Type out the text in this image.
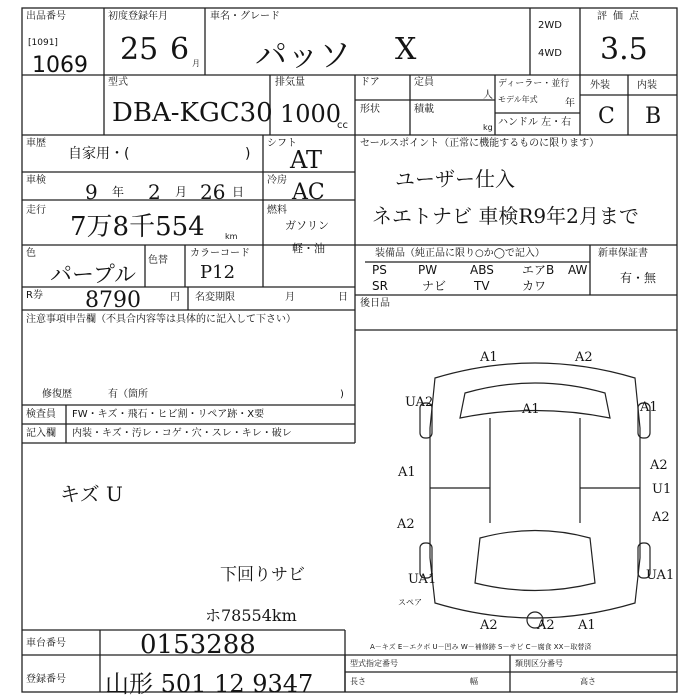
出品番号
[1091]
1069
初度登録年月
25 6 月
車名・グレード
パッソ X
2WD
4WD
評価点
3.5
型式
DBA-KGC30
排気量
1000
cc
ドア	定員
人
形状	積載
kg
ディーラー・並行
モデル年式	年
ハンドル 左・右
外装	内装
C B
車歴
自家用・(	)
シフト
AT
セールスポイント（正常に機能するものに限ります）
ユーザー仕入
ネエトナビ 車検R9年2月まで
車検 9 年 2 月 26 日
冷房 AC
走行
7万8千554	km
燃料
ガソリン
軽・油
色
パープル
色替
カラーコード
P12
装備品（純正品に限り○か◯で記入）	新車保証書
有・無
PS	PW	ABS エアB AW
SR	ナビ TV	カワ
R券 8790	円 名変期限	月	日
後日品
注意事項申告欄（不具合内容等は具体的に記入して下さい）
修復歴	有（箇所	)
検査員
記入欄
FW・キズ・飛石・ヒビ割・リペア跡・X要
内装・キズ・汚レ・コゲ・穴・スレ・キレ・破レ
キズ U
下回りサビ
ホ78554km
A1	A2
UA2	A1	A1
A1	A2
U1
A2
A2
UA1	UA1
A2	A2 A1
スペア
A－キズ E－エクボ U－凹み W－補修跡 S－サビ C－腐食 XX－取替済
車台番号	0153288
登録番号 山形 501 12 9347
型式指定番号	類別区分番号
長さ	幅	高さ
